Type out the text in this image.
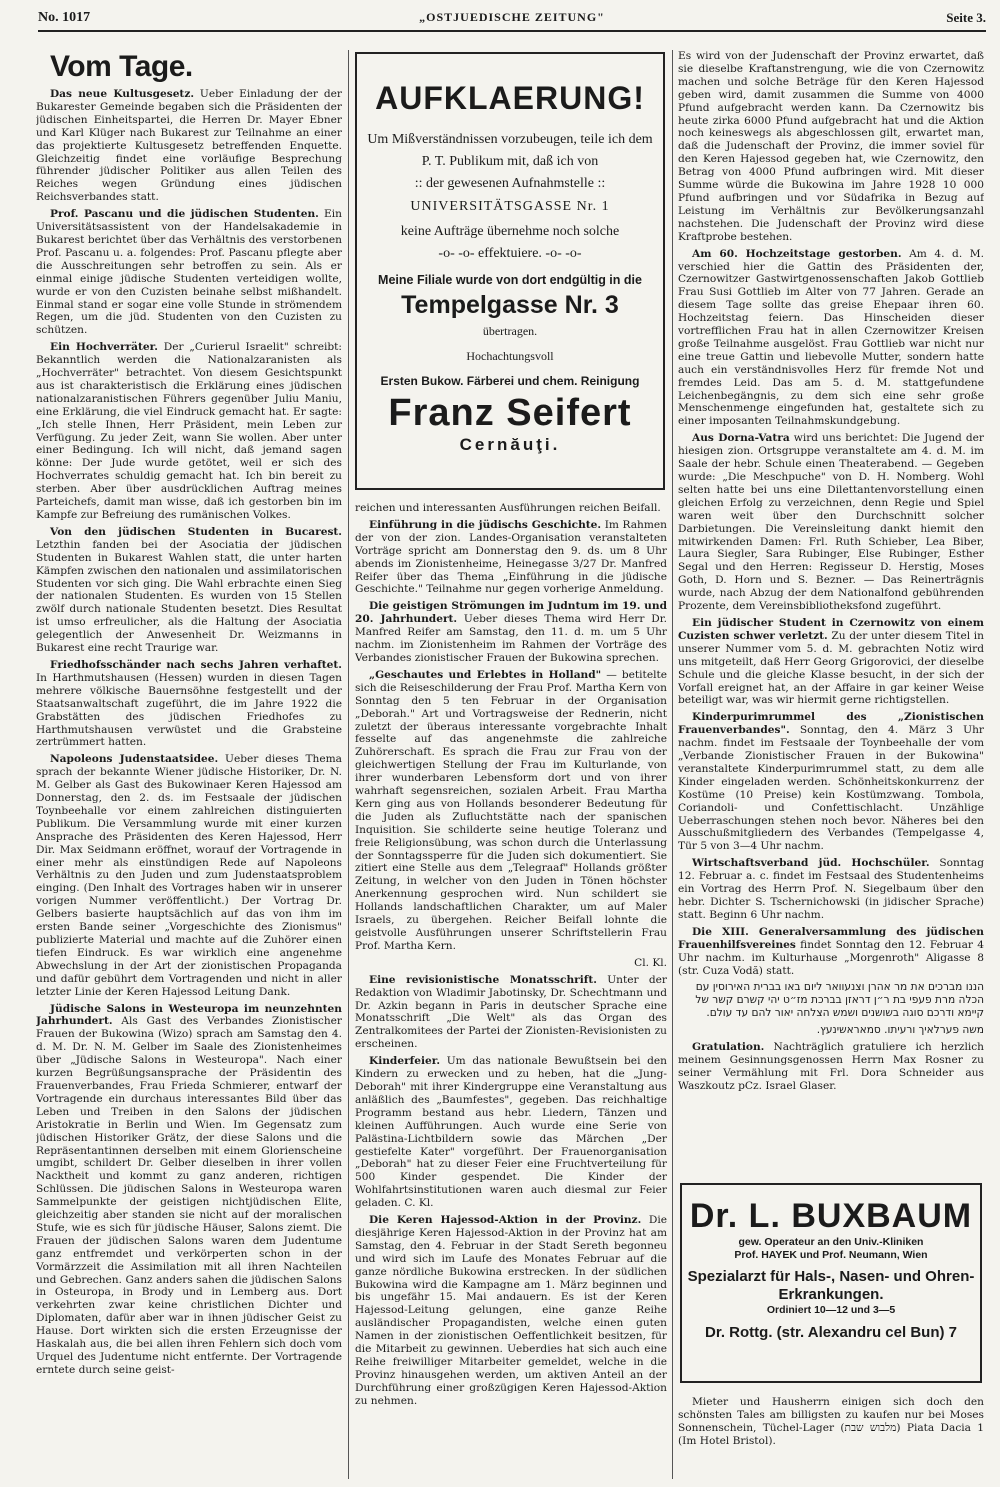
No. 1017	„OSTJUEDISCHE ZEITUNG"	Seite 3.

Vom Tage.

Das neue Kultusgesetz. Ueber Einladung der der Bukarester Gemeinde begaben sich die Präsidenten der jüdischen Einheitspartei, die Herren Dr. Mayer Ebner und Karl Klüger nach Bukarest zur Teilnahme an einer das projektierte Kultusgesetz betreffenden Enquette. Gleichzeitig findet eine vorläufige Besprechung führender jüdischer Politiker aus allen Teilen des Reiches wegen Gründung eines jüdischen Reichsverbandes statt.

Prof. Pascanu und die jüdischen Studenten. Ein Universitätsassistent von der Handelsakademie in Bukarest berichtet über das Verhältnis des verstorbenen Prof. Pascanu u. a. folgendes: Prof. Pascanu pflegte aber die Ausschreitungen sehr betroffen zu sein. Als er einmal einige jüdische Studenten verteidigen wollte, wurde er von den Cuzisten beinahe selbst mißhandelt. Einmal stand er sogar eine volle Stunde in strömendem Regen, um die jüd. Studenten von den Cuzisten zu schützen.

Ein Hochverräter. Der „Curierul Israelit" schreibt: Bekanntlich werden die Nationalzaranisten als „Hochverräter" betrachtet. Von diesem Gesichtspunkt aus ist charakteristisch die Erklärung eines jüdischen nationalzaranistischen Führers gegenüber Juliu Maniu, eine Erklärung, die viel Eindruck gemacht hat. Er sagte: „Ich stelle Ihnen, Herr Präsident, mein Leben zur Verfügung. Zu jeder Zeit, wann Sie wollen. Aber unter einer Bedingung. Ich will nicht, daß jemand sagen könne: Der Jude wurde getötet, weil er sich des Hochverrates schuldig gemacht hat. Ich bin bereit zu sterben. Aber über ausdrücklichen Auftrag meines Parteichefs, damit man wisse, daß ich gestorben bin im Kampfe zur Befreiung des rumänischen Volkes.

Von den jüdischen Studenten in Bucarest. Letzthin fanden bei der Asociatia der jüdischen Studenten in Bukarest Wahlen statt, die unter harten Kämpfen zwischen den nationalen und assimilatorischen Studenten vor sich ging. Die Wahl erbrachte einen Sieg der nationalen Studenten. Es wurden von 15 Stellen zwölf durch nationale Studenten besetzt. Dies Resultat ist umso erfreulicher, als die Haltung der Asociatia gelegentlich der Anwesenheit Dr. Weizmanns in Bukarest eine recht Traurige war.

Friedhofsschänder nach sechs Jahren verhaftet. In Harthmutshausen (Hessen) wurden in diesen Tagen mehrere völkische Bauernsöhne festgestellt und der Staatsanwaltschaft zugeführt, die im Jahre 1922 die Grabstätten des jüdischen Friedhofes zu Harthmutshausen verwüstet und die Grabsteine zertrümmert hatten.

Napoleons Judenstaatsidee. Ueber dieses Thema sprach der bekannte Wiener jüdische Historiker, Dr. N. M. Gelber als Gast des Bukowinaer Keren Hajessod am Donnerstag, den 2. ds. im Festsaale der jüdischen Toynbeehalle vor einem zahlreichen distinguierten Publikum. Die Versammlung wurde mit einer kurzen Ansprache des Präsidenten des Keren Hajessod, Herr Dir. Max Seidmann eröffnet, worauf der Vortragende in einer mehr als einstündigen Rede auf Napoleons Verhältnis zu den Juden und zum Judenstaatsproblem einging. (Den Inhalt des Vortrages haben wir in unserer vorigen Nummer veröffentlicht.) Der Vortrag Dr. Gelbers basierte hauptsächlich auf das von ihm im ersten Bande seiner „Vorgeschichte des Zionismus" publizierte Material und machte auf die Zuhörer einen tiefen Eindruck. Es war wirklich eine angenehme Abwechslung in der Art der zionistischen Propaganda und dafür gebührt dem Vortragenden und nicht in aller letzter Linie der Keren Hajessod Leitung Dank.

Jüdische Salons in Westeuropa im neunzehnten Jahrhundert. Als Gast des Verbandes Zionistischer Frauen der Bukowina (Wizo) sprach am Samstag den 4. d. M. Dr. N. M. Gelber im Saale des Zionistenheimes über „Jüdische Salons in Westeuropa". Nach einer kurzen Begrüßungsansprache der Präsidentin des Frauenverbandes, Frau Frieda Schmierer, entwarf der Vortragende ein durchaus interessantes Bild über das Leben und Treiben in den Salons der jüdischen Aristokratie in Berlin und Wien. Im Gegensatz zum jüdischen Historiker Grätz, der diese Salons und die Repräsentantinnen derselben mit einem Glorienscheine umgibt, schildert Dr. Gelber dieselben in ihrer vollen Nacktheit und kommt zu ganz anderen, richtigen Schlüssen. Die jüdischen Salons in Westeuropa waren Sammelpunkte der geistigen nichtjüdischen Elite, gleichzeitig aber standen sie nicht auf der moralischen Stufe, wie es sich für jüdische Häuser, Salons ziemt. Die Frauen der jüdischen Salons waren dem Judentume ganz entfremdet und verkörperten schon in der Vormärzzeit die Assimilation mit all ihren Nachteilen und Gebrechen. Ganz anders sahen die jüdischen Salons in Osteuropa, in Brody und in Lemberg aus. Dort verkehrten zwar keine christlichen Dichter und Diplomaten, dafür aber war in ihnen jüdischer Geist zu Hause. Dort wirkten sich die ersten Erzeugnisse der Haskalah aus, die bei allen ihren Fehlern sich doch vom Urquel des Judentume nicht entfernte. Der Vortragende erntete durch seine geist-

AUFKLAERUNG!
Um Mißverständnissen vorzubeugen, teile ich dem P. T. Publikum mit, daß ich von
:: der gewesenen Aufnahmstelle ::
UNIVERSITÄTSGASSE Nr. 1
keine Aufträge übernehme noch solche
-o- -o- effektuiere. -o- -o-
Meine Filiale wurde von dort endgültig in die
Tempelgasse Nr. 3
übertragen.
Hochachtungsvoll
Ersten Bukow. Färberei und chem. Reinigung
Franz Seifert
Cernăuţi.

reichen und interessanten Ausführungen reichen Beifall.

Einführung in die jüdischs Geschichte. Im Rahmen der von der zion. Landes-Organisation veranstalteten Vorträge spricht am Donnerstag den 9. ds. um 8 Uhr abends im Zionistenheime, Heinegasse 3/27 Dr. Manfred Reifer über das Thema „Einführung in die jüdische Geschichte." Teilnahme nur gegen vorherige Anmeldung.

Die geistigen Strömungen im Judntum im 19. und 20. Jahrhundert. Ueber dieses Thema wird Herr Dr. Manfred Reifer am Samstag, den 11. d. m. um 5 Uhr nachm. im Zionistenheim im Rahmen der Vorträge des Verbandes zionistischer Frauen der Bukowina sprechen.

„Geschautes und Erlebtes in Holland" — betitelte sich die Reiseschilderung der Frau Prof. Martha Kern von Sonntag den 5 ten Februar in der Organisation „Deborah." Art und Vortragsweise der Rednerin, nicht zuletzt der überaus interessante vorgebrachte Inhalt fesselte auf das angenehmste die zahlreiche Zuhörerschaft. Es sprach die Frau zur Frau von der gleichwertigen Stellung der Frau im Kulturlande, von ihrer wunderbaren Lebensform dort und von ihrer wahrhaft segensreichen, sozialen Arbeit. Frau Martha Kern ging aus von Hollands besonderer Bedeutung für die Juden als Zufluchtstätte nach der spanischen Inquisition. Sie schilderte seine heutige Toleranz und freie Religionsübung, was schon durch die Unterlassung der Sonntagssperre für die Juden sich dokumentiert. Sie zitiert eine Stelle aus dem „Telegraaf" Hollands größter Zeitung, in welcher von den Juden in Tönen höchster Anerkennung gesprochen wird. Nun schildert sie Hollands landschaftlichen Charakter, um auf Maler Israels, zu übergehen. Reicher Beifall lohnte die geistvolle Ausführungen unserer Schriftstellerin Frau Prof. Martha Kern.

Cl. Kl.

Eine revisionistische Monatsschrift. Unter der Redaktion von Wladimir Jabotinsky, Dr. Schechtmann und Dr. Azkin begann in Paris in deutscher Sprache eine Monatsschrift „Die Welt" als das Organ des Zentralkomitees der Partei der Zionisten-Revisionisten zu erscheinen.

Kinderfeier. Um das nationale Bewußtsein bei den Kindern zu erwecken und zu heben, hat die „Jung-Deborah" mit ihrer Kindergruppe eine Veranstaltung aus anläßlich des „Baumfestes", gegeben. Das reichhaltige Programm bestand aus hebr. Liedern, Tänzen und kleinen Aufführungen. Auch wurde eine Serie von Palästina-Lichtbildern sowie das Märchen „Der gestiefelte Kater" vorgeführt. Der Frauenorganisation „Deborah" hat zu dieser Feier eine Fruchtverteilung für 500 Kinder gespendet. Die Kinder der Wohlfahrtsinstitutionen waren auch diesmal zur Feier geladen. C. Kl.

Die Keren Hajessod-Aktion in der Provinz. Die diesjährige Keren Hajessod-Aktion in der Provinz hat am Samstag, den 4. Februar in der Stadt Sereth begonneu und wird sich im Laufe des Monates Februar auf die ganze nördliche Bukowina erstrecken. In der südlichen Bukowina wird die Kampagne am 1. März beginnen und bis ungefähr 15. Mai andauern. Es ist der Keren Hajessod-Leitung gelungen, eine ganze Reihe ausländischer Propagandisten, welche einen guten Namen in der zionistischen Oeffentlichkeit besitzen, für die Mitarbeit zu gewinnen. Ueberdies hat sich auch eine Reihe freiwilliger Mitarbeiter gemeldet, welche in die Provinz hinausgehen werden, um aktiven Anteil an der Durchführung einer großzügigen Keren Hajessod-Aktion zu nehmen.

Es wird von der Judenschaft der Provinz erwartet, daß sie dieselbe Kraftanstrengung, wie die von Czernowitz machen und solche Beträge für den Keren Hajessod geben wird, damit zusammen die Summe von 4000 Pfund aufgebracht werden kann. Da Czernowitz bis heute zirka 6000 Pfund aufgebracht hat und die Aktion noch keineswegs als abgeschlossen gilt, erwartet man, daß die Judenschaft der Provinz, die immer soviel für den Keren Hajessod gegeben hat, wie Czernowitz, den Betrag von 4000 Pfund aufbringen wird. Mit dieser Summe würde die Bukowina im Jahre 1928 10 000 Pfund aufbringen und vor Südafrika in Bezug auf Leistung im Verhältnis zur Bevölkerungsanzahl nachstehen. Die Judenschaft der Provinz wird diese Kraftprobe bestehen.

Am 60. Hochzeitstage gestorben. Am 4. d. M. verschied hier die Gattin des Präsidenten der, Czernowitzer Gastwirtgenossenschaften Jakob Gottlieb Frau Susi Gottlieb im Alter von 77 Jahren. Gerade an diesem Tage sollte das greise Ehepaar ihren 60. Hochzeitstag feiern. Das Hinscheiden dieser vortrefflichen Frau hat in allen Czernowitzer Kreisen große Teilnahme ausgelöst. Frau Gottlieb war nicht nur eine treue Gattin und liebevolle Mutter, sondern hatte auch ein verständnisvolles Herz für fremde Not und fremdes Leid. Das am 5. d. M. stattgefundene Leichenbegängnis, zu dem sich eine sehr große Menschenmenge eingefunden hat, gestaltete sich zu einer imposanten Teilnahmskundgebung.

Aus Dorna-Vatra wird uns berichtet: Die Jugend der hiesigen zion. Ortsgruppe veranstaltete am 4. d. M. im Saale der hebr. Schule einen Theaterabend. — Gegeben wurde: „Die Meschpuche" von D. H. Nomberg. Wohl selten hatte bei uns eine Dilettantenvorstellung einen gleichen Erfolg zu verzeichnen, denn Regie und Spiel waren weit über den Durchschnitt solcher Darbietungen. Die Vereinsleitung dankt hiemit den mitwirkenden Damen: Frl. Ruth Schieber, Lea Biber, Laura Siegler, Sara Rubinger, Else Rubinger, Esther Segal und den Herren: Regisseur D. Herstig, Moses Goth, D. Horn und S. Bezner. — Das Reinerträgnis wurde, nach Abzug der dem Nationalfond gebührenden Prozente, dem Vereinsbibliotheksfond zugeführt.

Ein jüdischer Student in Czernowitz von einem Cuzisten schwer verletzt. Zu der unter diesem Titel in unserer Nummer vom 5. d. M. gebrachten Notiz wird uns mitgeteilt, daß Herr Georg Grigorovici, der dieselbe Schule und die gleiche Klasse besucht, in der sich der Vorfall ereignet hat, an der Affaire in gar keiner Weise beteiligt war, was wir hiermit gerne richtigstellen.

Kinderpurimrummel des „Zionistischen Frauenverbandes". Sonntag, den 4. März 3 Uhr nachm. findet im Festsaale der Toynbeehalle der vom „Verbande Zionistischer Frauen in der Bukowina" veranstaltete Kinderpurimrummel statt, zu dem alle Kinder eingeladen werden. Schönheitskonkurrenz der Kostüme (10 Preise) kein Kostümzwang. Tombola, Coriandoli- und Confettischlacht. Unzählige Ueberraschungen stehen noch bevor. Näheres bei den Ausschußmitgliedern des Verbandes (Tempelgasse 4, Tür 5 von 3—4 Uhr nachm.

Wirtschaftsverband jüd. Hochschüler. Sonntag 12. Februar a. c. findet im Festsaal des Studentenheims ein Vortrag des Herrn Prof. N. Siegelbaum über den hebr. Dichter S. Tschernichowski (in jidischer Sprache) statt. Beginn 6 Uhr nachm.

Die XIII. Generalversammlung des jüdischen Frauenhilfsvereines findet Sonntag den 12. Februar 4 Uhr nachm. im Kulturhause „Morgenroth" Aligasse 8 (str. Cuza Vodă) statt.

הננו מברכים את מר אהרן וצנעוואר ליום באו בברית האירוסין עם הכלה מרת פעפי בת ר״ן דראזן בברכת מז״ט יהי קשרם קשר של קיימא ודרכם סוגה בשושנים ושמש הצלחה יאור להם עד עולם.

משה פערלאיך ורעיתו. סמאראשינעץ.

Gratulation. Nachträglich gratuliere ich herzlich meinem Gesinnungsgenossen Herrn Max Rosner zu seiner Vermählung mit Frl. Dora Schneider aus Waszkoutz pCz. Israel Glaser.

Dr. L. BUXBAUM
gew. Operateur an den Univ.-Kliniken
Prof. HAYEK und Prof. Neumann, Wien
Spezialarzt für Hals-, Nasen- und Ohren-Erkrankungen.
Ordiniert 10—12 und 3—5
Dr. Rottg. (str. Alexandru cel Bun) 7

Mieter und Hausherrn einigen sich doch den schönsten Tales am billigsten zu kaufen nur bei Moses Sonnenschein, Tüchel-Lager (מלבוש שבת) Piata Dacia 1 (Im Hotel Bristol).
